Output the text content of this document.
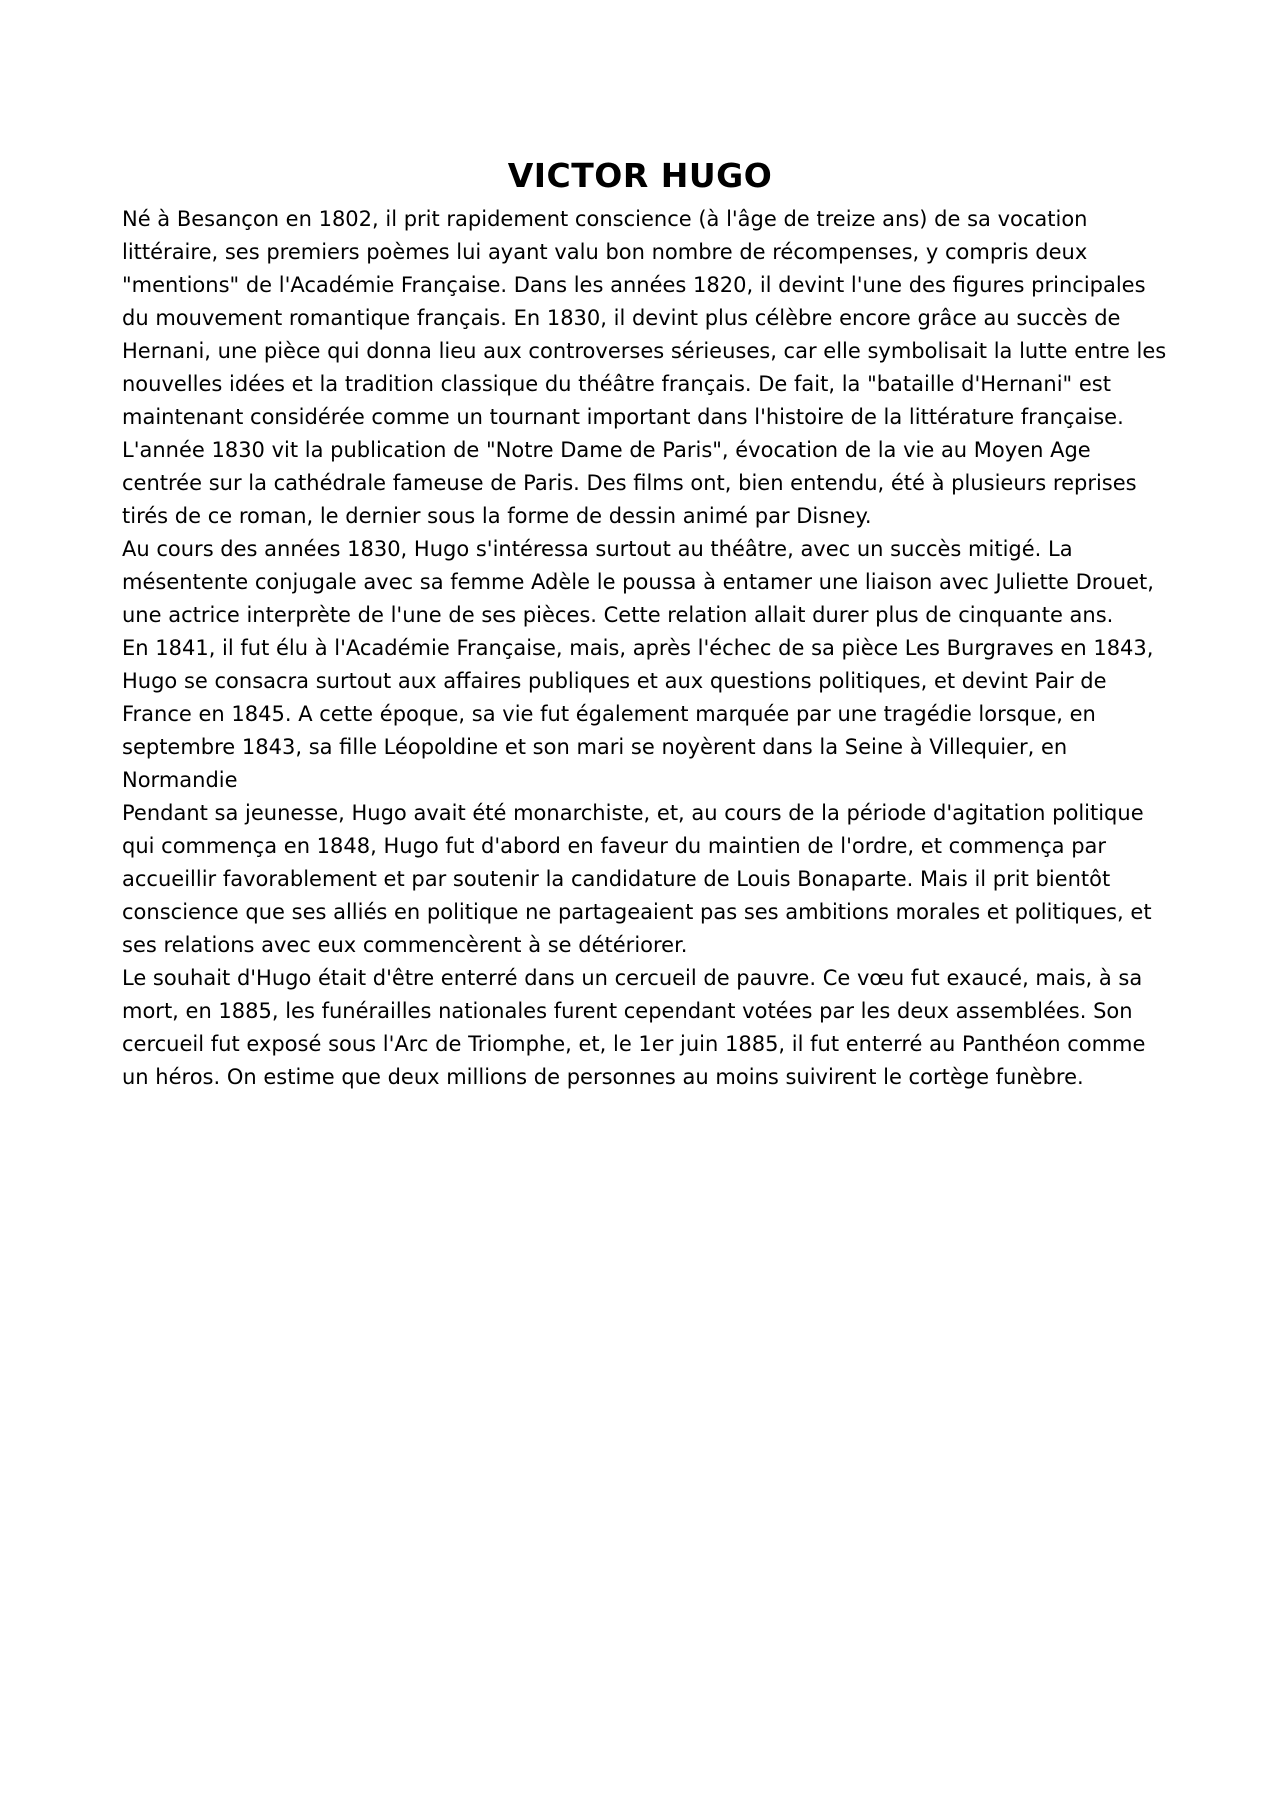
VICTOR HUGO

Né à Besançon en 1802, il prit rapidement conscience (à l'âge de treize ans) de sa vocation littéraire, ses premiers poèmes lui ayant valu bon nombre de récompenses, y compris deux "mentions" de l'Académie Française. Dans les années 1820, il devint l'une des figures principales du mouvement romantique français. En 1830, il devint plus célèbre encore grâce au succès de Hernani, une pièce qui donna lieu aux controverses sérieuses, car elle symbolisait la lutte entre les nouvelles idées et la tradition classique du théâtre français. De fait, la "bataille d'Hernani" est maintenant considérée comme un tournant important dans l'histoire de la littérature française.

L'année 1830 vit la publication de "Notre Dame de Paris", évocation de la vie au Moyen Age centrée sur la cathédrale fameuse de Paris. Des films ont, bien entendu, été à plusieurs reprises tirés de ce roman, le dernier sous la forme de dessin animé par Disney.

Au cours des années 1830, Hugo s'intéressa surtout au théâtre, avec un succès mitigé. La mésentente conjugale avec sa femme Adèle le poussa à entamer une liaison avec Juliette Drouet, une actrice interprète de l'une de ses pièces. Cette relation allait durer plus de cinquante ans.

En 1841, il fut élu à l'Académie Française, mais, après l'échec de sa pièce Les Burgraves en 1843, Hugo se consacra surtout aux affaires publiques et aux questions politiques, et devint Pair de France en 1845. A cette époque, sa vie fut également marquée par une tragédie lorsque, en septembre 1843, sa fille Léopoldine et son mari se noyèrent dans la Seine à Villequier, en Normandie

Pendant sa jeunesse, Hugo avait été monarchiste, et, au cours de la période d'agitation politique qui commença en 1848, Hugo fut d'abord en faveur du maintien de l'ordre, et commença par accueillir favorablement et par soutenir la candidature de Louis Bonaparte. Mais il prit bientôt conscience que ses alliés en politique ne partageaient pas ses ambitions morales et politiques, et ses relations avec eux commencèrent à se détériorer.

Le souhait d'Hugo était d'être enterré dans un cercueil de pauvre. Ce vœu fut exaucé, mais, à sa mort, en 1885, les funérailles nationales furent cependant votées par les deux assemblées. Son cercueil fut exposé sous l'Arc de Triomphe, et, le 1er juin 1885, il fut enterré au Panthéon comme un héros. On estime que deux millions de personnes au moins suivirent le cortège funèbre.
